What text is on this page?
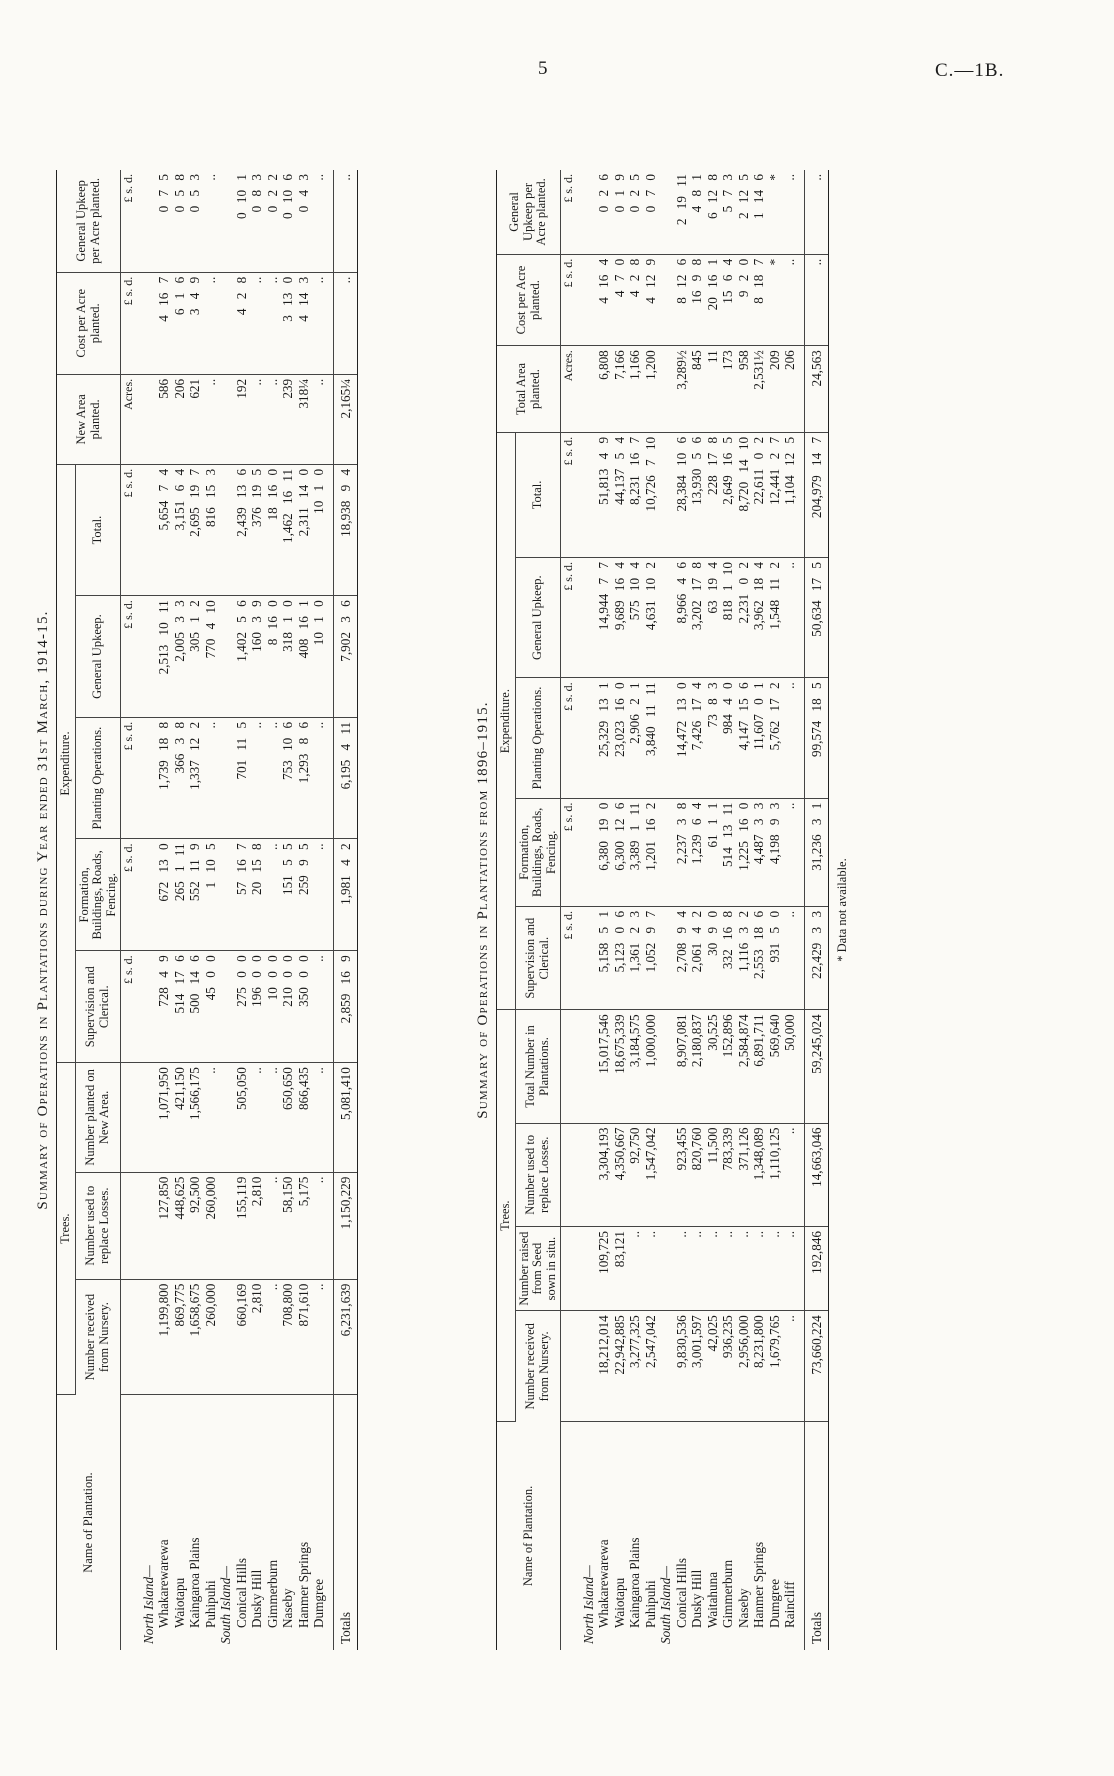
5	C.—1B.
Summary of Operations in Plantations during Year ended 31st March, 1914-15.
Name of Plantation.	Trees.			Expenditure.					New Area planted.	Cost per Acre planted.	General Upkeep per Acre planted.
	Number received from Nursery.	Number used to replace Losses.	Number planted on New Area.	Supervision and Clerical.	Formation, Buildings, Roads, Fencing.	Planting Operations.	General Upkeep.	Total.			
				£ s. d.	£ s. d.	£ s. d.	£ s. d.	£ s. d.	Acres.	£ s. d.	£ s. d.
North Island—											
Whakarewarewa	1,199,800	127,850	1,071,950	728 4 9	672 13 0	1,739 18 8	2,513 10 11	5,654 7 4	586	4 16 7	0 7 5
Waiotapu	869,775	448,625	421,150	514 17 6	265 1 11	366 3 8	2,005 3 3	3,151 6 4	206	6 1 6	0 5 8
Kaingaroa Plains	1,658,675	92,500	1,566,175	500 14 6	552 11 9	1,337 12 2	305 1 2	2,695 19 7	621	3 4 9	0 5 3
Puhipuhi	260,000	260,000	..	45 0 0	1 10 5	..	770 4 10	816 15 3	..	..	..
South Island—											
Conical Hills	660,169	155,119	505,050	275 0 0	57 16 7	701 11 5	1,402 5 6	2,439 13 6	192	4 2 8	0 10 1
Dusky Hill	2,810	2,810	..	196 0 0	20 15 8	..	160 3 9	376 19 5	..	..	0 8 3
Gimmerburn	..	..	..	10 0 0	..	..	8 16 0	18 16 0	..	..	0 2 2
Naseby	708,800	58,150	650,650	210 0 0	151 5 5	753 10 6	318 1 0	1,462 16 11	239	3 13 0	0 10 6
Hanmer Springs	871,610	5,175	866,435	350 0 0	259 9 5	1,293 8 6	408 16 1	2,311 14 0	318¼	4 14 3	0 4 3
Dumgree	..	..	..	..	..	..	10 1 0	10 1 0	..	..	..
Totals	6,231,639	1,150,229	5,081,410	2,859 16 9	1,981 4 2	6,195 4 11	7,902 3 6	18,938 9 4	2,165¼	..	..
Summary of Operations in Plantations from 1896–1915.
Name of Plantation.	Trees.				Expenditure.					Total Area planted.	Cost per Acre planted.	General Upkeep per Acre planted.
	Number received from Nursery.	Number raised from Seed sown in situ.	Number used to replace Losses.	Total Number in Plantations.	Supervision and Clerical.	Formation, Buildings, Roads, Fencing.	Planting Operations.	General Upkeep.	Total.			
					£ s. d.	£ s. d.	£ s. d.	£ s. d.	£ s. d.	Acres.	£ s. d.	£ s. d.
North Island—												
Whakarewarewa	18,212,014	109,725	3,304,193	15,017,546	5,158 5 1	6,380 19 0	25,329 13 1	14,944 7 7	51,813 4 9	6,808	4 16 4	0 2 6
Waiotapu	22,942,885	83,121	4,350,667	18,675,339	5,123 0 6	6,300 12 6	23,023 16 0	9,689 16 4	44,137 5 4	7,166	4 7 0	0 1 9
Kaingaroa Plains	3,277,325	..	92,750	3,184,575	1,361 2 3	3,389 1 11	2,906 2 1	575 10 4	8,231 16 7	1,166	4 2 8	0 2 5
Puhipuhi	2,547,042	..	1,547,042	1,000,000	1,052 9 7	1,201 16 2	3,840 11 11	4,631 10 2	10,726 7 10	1,200	4 12 9	0 7 0
South Island—												
Conical Hills	9,830,536	..	923,455	8,907,081	2,708 9 4	2,237 3 8	14,472 13 0	8,966 4 6	28,384 10 6	3,289½	8 12 6	2 19 11
Dusky Hill	3,001,597	..	820,760	2,180,837	2,061 4 2	1,239 6 4	7,426 17 4	3,202 17 8	13,930 5 6	845	16 9 8	4 8 1
Waitahuna	42,025	..	11,500	30,525	30 9 0	61 1 1	73 8 3	63 19 4	228 17 8	11	20 16 1	6 12 8
Gimmerburn	936,235	..	783,339	152,896	332 16 8	514 13 11	984 4 0	818 1 10	2,649 16 5	173	15 6 4	5 7 3
Naseby	2,956,000	..	371,126	2,584,874	1,116 3 2	1,225 16 0	4,147 15 6	2,231 0 2	8,720 14 10	958	9 2 0	2 12 5
Hanmer Springs	8,231,800	..	1,348,089	6,891,711	2,553 18 6	4,487 3 3	11,607 0 1	3,962 18 4	22,611 0 2	2,531½	8 18 7	1 14 6
Dumgree	1,679,765	..	1,110,125	569,640	931 5 0	4,198 9 3	5,762 17 2	1,548 11 2	12,441 2 7	209	*	*
Raincliff	..	..	..	50,000	..	..	..	..	1,104 12 5	206	..	..
Totals	73,660,224	192,846	14,663,046	59,245,024	22,429 3 3	31,236 3 1	99,574 18 5	50,634 17 5	204,979 14 7	24,563	..	..
* Data not available.
